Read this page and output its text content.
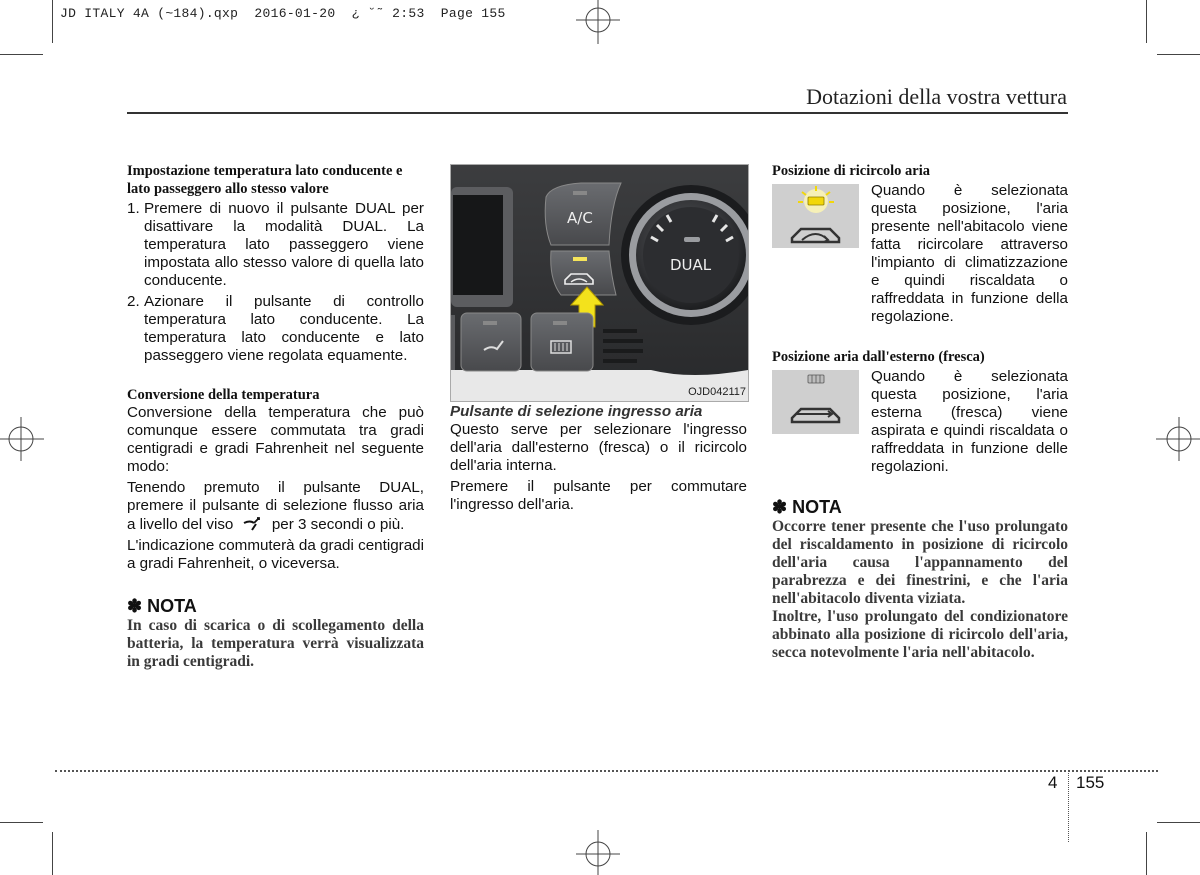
JD ITALY 4A (~184).qxp  2016-01-20  ¿ ˘˜ 2:53  Page 155
Dotazioni della vostra vettura
Impostazione temperatura lato conducente e lato passeggero allo stesso valore
1. Premere di nuovo il pulsante DUAL per disattivare la modalità DUAL. La temperatura lato passeggero viene impostata allo stesso valore di quella lato conducente.
2. Azionare il pulsante di controllo temperatura lato conducente. La temperatura lato conducente e lato passeggero viene regolata equamente.
Conversione della temperatura
Conversione della temperatura che può comunque essere commutata tra gradi centigradi e gradi Fahrenheit nel seguente modo:
Tenendo premuto il pulsante DUAL, premere il pulsante di selezione flusso aria a livello del viso	per 3 secondi o più.
L'indicazione commuterà da gradi centigradi a gradi Fahrenheit, o viceversa.
✽ NOTA
In caso di scarica o di scollegamento della batteria, la temperatura verrà visualizzata in gradi centigradi.
A/C
DUAL
OJD042117
Pulsante di selezione ingresso aria
Questo serve per selezionare l'ingresso dell'aria dall'esterno (fresca) o il ricircolo dell'aria interna.
Premere il pulsante per commutare l'ingresso dell'aria.
Posizione di ricircolo aria
Quando è selezionata questa posizione, l'aria presente nell'abitacolo viene fatta ricircolare attraverso l'impianto di climatizzazione e quindi riscaldata o raffreddata in funzione della regolazione.
Posizione aria dall'esterno (fresca)
Quando è selezionata questa posizione, l'aria esterna (fresca) viene aspirata e quindi riscaldata o raffreddata in funzione delle regolazioni.
✽ NOTA
Occorre tener presente che l'uso prolungato del riscaldamento in posizione di ricircolo dell'aria causa l'appannamento del parabrezza e dei finestrini, e che l'aria nell'abitacolo diventa viziata.
Inoltre, l'uso prolungato del condizionatore abbinato alla posizione di ricircolo dell'aria, secca notevolmente l'aria nell'abitacolo.
4 155
